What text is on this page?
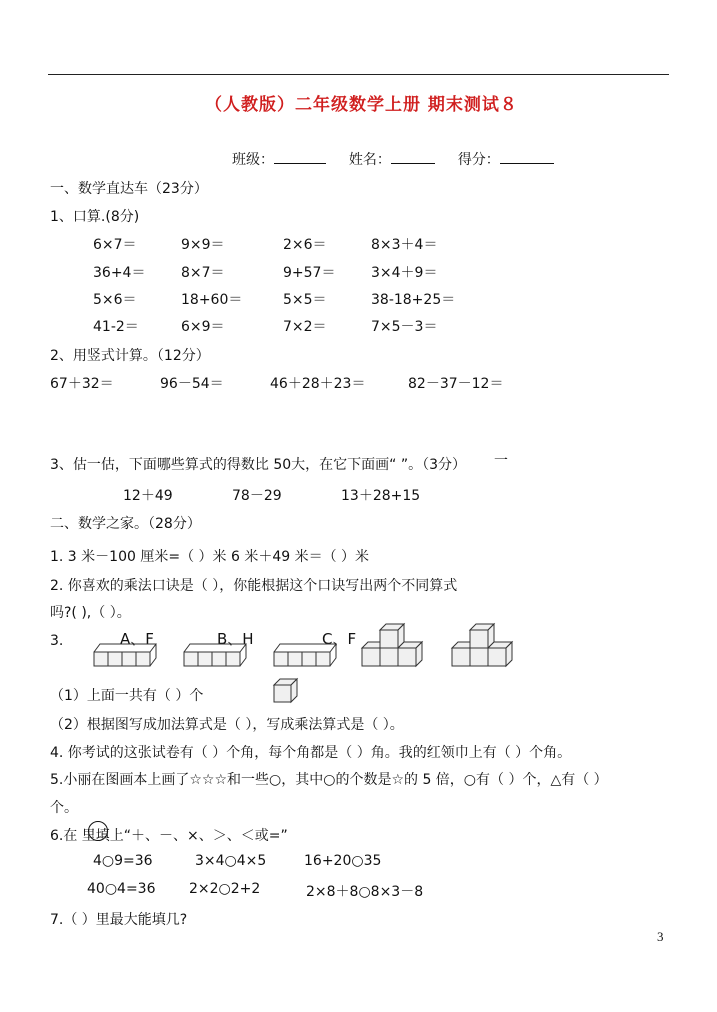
（人教版）二年级数学上册 期末测试８
班级：	姓名：	得分：
一、数学直达车（23分）
1、口算.(8分)
6×7＝	9×9＝	2×6＝	8×3＋4＝
36+4＝	8×7＝	9+57＝	3×4＋9＝
5×6＝	18+60＝	5×5＝	38-18+25＝
41-2＝	6×9＝	7×2＝	7×5－3＝
2、用竖式计算。（12分）
67＋32＝	96－54＝	46＋28＋23＝	82－37－12＝
3、估一估，下面哪些算式的得数比 50大，在它下面画“ ”。（3分） 一
12＋49	78－29	13＋28+15
二、数学之家。（28分）
1. 3 米－100 厘米=（ ）米 6 米＋49 米＝（ ）米
2. 你喜欢的乘法口诀是（ ），你能根据这个口诀写出两个不同算式
吗?( ),（ ）。
3.	A、F	B、H	C、F
（1）上面一共有（ ）个
（2）根据图写成加法算式是（ ），写成乘法算式是（ ）。
4. 你考试的这张试卷有（ ）个角，每个角都是（ ）角。我的红领巾上有（ ）个角。
5.小丽在图画本上画了☆☆☆和一些○，其中○的个数是☆的 5 倍，○有（ ）个，△有（ ）
个。
6.在 里填上“＋、－、×、＞、＜或=”
4○9=36	3×4○4×5	16+20○35
40○4=36 2×2○2+2	2×8＋8○8×3－8
7.（ ）里最大能填几?
3
